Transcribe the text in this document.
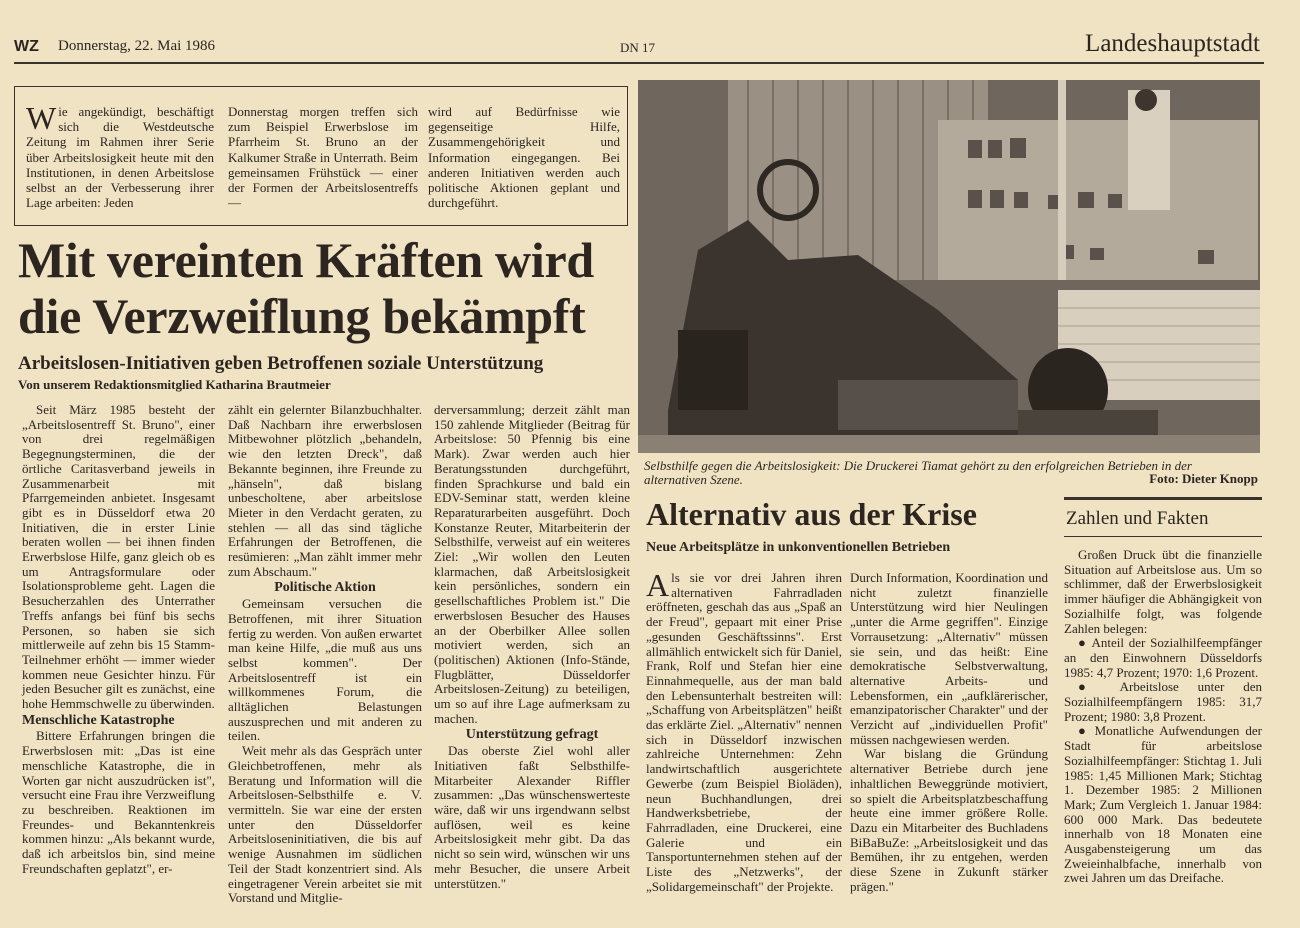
WZ Donnerstag, 22. Mai 1986	DN 17	Landeshauptstadt
Wie angekündigt, beschäftigt sich die Westdeutsche Zeitung im Rahmen ihrer Serie über Arbeitslosigkeit heute mit den Institutionen, in denen Arbeitslose selbst an der Verbesserung ihrer Lage arbeiten: Jeden
Donnerstag morgen treffen sich zum Beispiel Erwerbslose im Pfarrheim St. Bruno an der Kalkumer Straße in Unterrath. Beim gemeinsamen Frühstück — einer der Formen der Arbeitslosentreffs —
wird auf Bedürfnisse wie gegenseitige Hilfe, Zusammengehörigkeit und Information eingegangen. Bei anderen Initiativen werden auch politische Aktionen geplant und durchgeführt.
Mit vereinten Kräften wird die Verzweiflung bekämpft
Arbeitslosen-Initiativen geben Betroffenen soziale Unterstützung
Von unserem Redaktionsmitglied Katharina Brautmeier

Seit März 1985 besteht der „Arbeitslosentreff St. Bruno", einer von drei regelmäßigen Begegnungsterminen, die der örtliche Caritasverband jeweils in Zusammenarbeit mit Pfarrgemeinden anbietet. Insgesamt gibt es in Düsseldorf etwa 20 Initiativen, die in erster Linie beraten wollen — bei ihnen finden Erwerbslose Hilfe, ganz gleich ob es um Antragsformulare oder Isolationsprobleme geht. Lagen die Besucherzahlen des Unterrather Treffs anfangs bei fünf bis sechs Personen, so haben sie sich mittlerweile auf zehn bis 15 Stamm-Teilnehmer erhöht — immer wieder kommen neue Gesichter hinzu. Für jeden Besucher gilt es zunächst, eine hohe Hemmschwelle zu überwinden.

Menschliche Katastrophe

Bittere Erfahrungen bringen die Erwerbslosen mit: „Das ist eine menschliche Katastrophe, die in Worten gar nicht auszudrücken ist", versucht eine Frau ihre Verzweiflung zu beschreiben. Reaktionen im Freundes- und Bekanntenkreis kommen hinzu: „Als bekannt wurde, daß ich arbeitslos bin, sind meine Freundschaften geplatzt", er-

zählt ein gelernter Bilanzbuchhalter. Daß Nachbarn ihre erwerbslosen Mitbewohner plötzlich „behandeln, wie den letzten Dreck", daß Bekannte beginnen, ihre Freunde zu „hänseln", daß bislang unbescholtene, aber arbeitslose Mieter in den Verdacht geraten, zu stehlen — all das sind tägliche Erfahrungen der Betroffenen, die resümieren: „Man zählt immer mehr zum Abschaum."

Politische Aktion

Gemeinsam versuchen die Betroffenen, mit ihrer Situation fertig zu werden. Von außen erwartet man keine Hilfe, „die muß aus uns selbst kommen". Der Arbeitslosentreff ist ein willkommenes Forum, die alltäglichen Belastungen auszusprechen und mit anderen zu teilen.

Weit mehr als das Gespräch unter Gleichbetroffenen, mehr als Beratung und Information will die Arbeitslosen-Selbsthilfe e. V. vermitteln. Sie war eine der ersten unter den Düsseldorfer Arbeitsloseninitiativen, die bis auf wenige Ausnahmen im südlichen Teil der Stadt konzentriert sind. Als eingetragener Verein arbeitet sie mit Vorstand und Mitglie-

derversammlung; derzeit zählt man 150 zahlende Mitglieder (Beitrag für Arbeitslose: 50 Pfennig bis eine Mark). Zwar werden auch hier Beratungsstunden durchgeführt, finden Sprachkurse und bald ein EDV-Seminar statt, werden kleine Reparaturarbeiten ausgeführt. Doch Konstanze Reuter, Mitarbeiterin der Selbsthilfe, verweist auf ein weiteres Ziel: „Wir wollen den Leuten klarmachen, daß Arbeitslosigkeit kein persönliches, sondern ein gesellschaftliches Problem ist." Die erwerbslosen Besucher des Hauses an der Oberbilker Allee sollen motiviert werden, sich an (politischen) Aktionen (Info-Stände, Flugblätter, Düsseldorfer Arbeitslosen-Zeitung) zu beteiligen, um so auf ihre Lage aufmerksam zu machen.

Unterstützung gefragt

Das oberste Ziel wohl aller Initiativen faßt Selbsthilfe-Mitarbeiter Alexander Riffler zusammen: „Das wünschenswerteste wäre, daß wir uns irgendwann selbst auflösen, weil es keine Arbeitslosigkeit mehr gibt. Da das nicht so sein wird, wünschen wir uns mehr Besucher, die unsere Arbeit unterstützen."

Selbsthilfe gegen die Arbeitslosigkeit: Die Druckerei Tiamat gehört zu den erfolgreichen Betrieben in der alternativen Szene.	Foto: Dieter Knopp
Alternativ aus der Krise
Neue Arbeitsplätze in unkonventionellen Betrieben
Als sie vor drei Jahren ihren alternativen Fahrradladen eröffneten, geschah das aus „Spaß an der Freud", gepaart mit einer Prise „gesunden Geschäftssinns". Erst allmählich entwickelt sich für Daniel, Frank, Rolf und Stefan hier eine Einnahmequelle, aus der man bald den Lebensunterhalt bestreiten will: „Schaffung von Arbeitsplätzen" heißt das erklärte Ziel. „Alternativ" nennen sich in Düsseldorf inzwischen zahlreiche Unternehmen: Zehn landwirtschaftlich ausgerichtete Gewerbe (zum Beispiel Bioläden), neun Buchhandlungen, drei Handwerksbetriebe, der Fahrradladen, eine Druckerei, eine Galerie und ein Tansportunternehmen stehen auf der Liste des „Netzwerks", der „Solidargemeinschaft" der Projekte.

Durch Information, Koordination und nicht zuletzt finanzielle Unterstützung wird hier Neulingen „unter die Arme gegriffen". Einzige Vorrausetzung: „Alternativ" müssen sie sein, und das heißt: Eine demokratische Selbstverwaltung, alternative Arbeits- und Lebensformen, ein „aufklärerischer, emanzipatorischer Charakter" und der Verzicht auf „individuellen Profit" müssen nachgewiesen werden.

War bislang die Gründung alternativer Betriebe durch jene inhaltlichen Beweggründe motiviert, so spielt die Arbeitsplatzbeschaffung heute eine immer größere Rolle. Dazu ein Mitarbeiter des Buchladens BiBaBuZe: „Arbeitslosigkeit und das Bemühen, ihr zu entgehen, werden diese Szene in Zukunft stärker prägen."

Zahlen und Fakten

Großen Druck übt die finanzielle Situation auf Arbeitslose aus. Um so schlimmer, daß der Erwerbslosigkeit immer häufiger die Abhängigkeit von Sozialhilfe folgt, was folgende Zahlen belegen:

● Anteil der Sozialhilfeempfänger an den Einwohnern Düsseldorfs 1985: 4,7 Prozent; 1970: 1,6 Prozent.

● Arbeitslose unter den Sozialhilfeempfängern 1985: 31,7 Prozent; 1980: 3,8 Prozent.

● Monatliche Aufwendungen der Stadt für arbeitslose Sozialhilfeempfänger: Stichtag 1. Juli 1985: 1,45 Millionen Mark; Stichtag 1. Dezember 1985: 2 Millionen Mark; Zum Vergleich 1. Januar 1984: 600 000 Mark. Das bedeutete innerhalb von 18 Monaten eine Ausgabensteigerung um das Zweieinhalbfache, innerhalb von zwei Jahren um das Dreifache.
